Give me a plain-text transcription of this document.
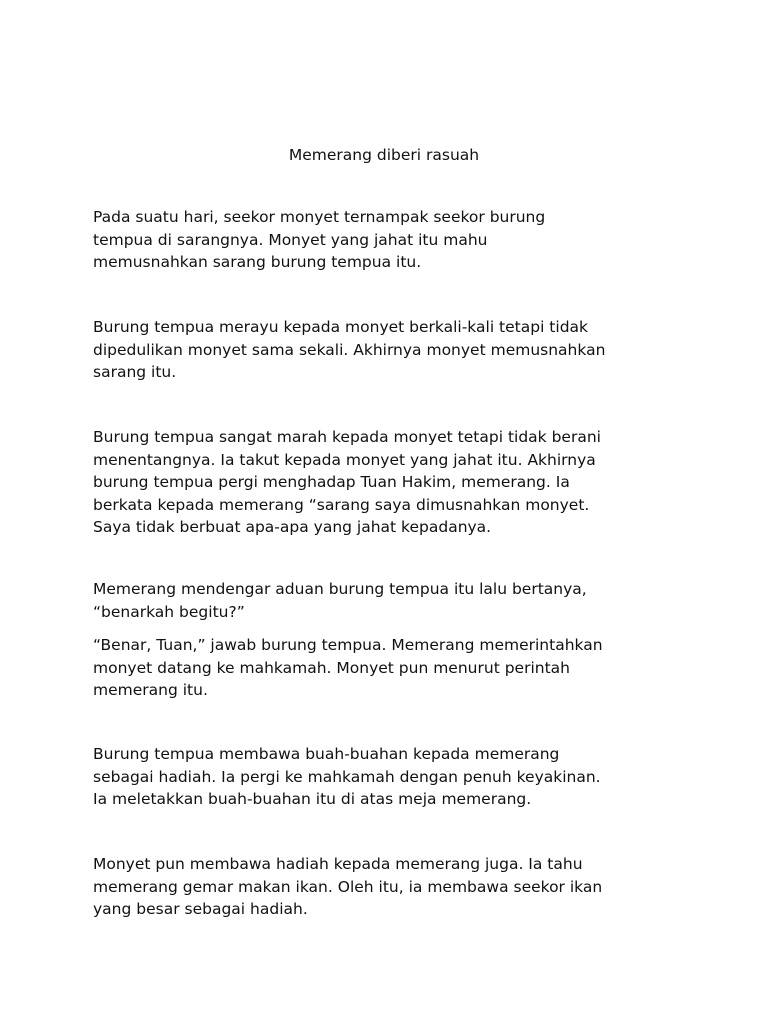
Memerang diberi rasuah
Pada suatu hari, seekor monyet ternampak seekor burung
tempua di sarangnya. Monyet yang jahat itu mahu
memusnahkan sarang burung tempua itu.
Burung tempua merayu kepada monyet berkali-kali tetapi tidak
dipedulikan monyet sama sekali. Akhirnya monyet memusnahkan
sarang itu.
Burung tempua sangat marah kepada monyet tetapi tidak berani
menentangnya. Ia takut kepada monyet yang jahat itu. Akhirnya
burung tempua pergi menghadap Tuan Hakim, memerang. Ia
berkata kepada memerang “sarang saya dimusnahkan monyet.
Saya tidak berbuat apa-apa yang jahat kepadanya.
Memerang mendengar aduan burung tempua itu lalu bertanya,
“benarkah begitu?”
“Benar, Tuan,” jawab burung tempua. Memerang memerintahkan
monyet datang ke mahkamah. Monyet pun menurut perintah
memerang itu.
Burung tempua membawa buah-buahan kepada memerang
sebagai hadiah. Ia pergi ke mahkamah dengan penuh keyakinan.
Ia meletakkan buah-buahan itu di atas meja memerang.
Monyet pun membawa hadiah kepada memerang juga. Ia tahu
memerang gemar makan ikan. Oleh itu, ia membawa seekor ikan
yang besar sebagai hadiah.
